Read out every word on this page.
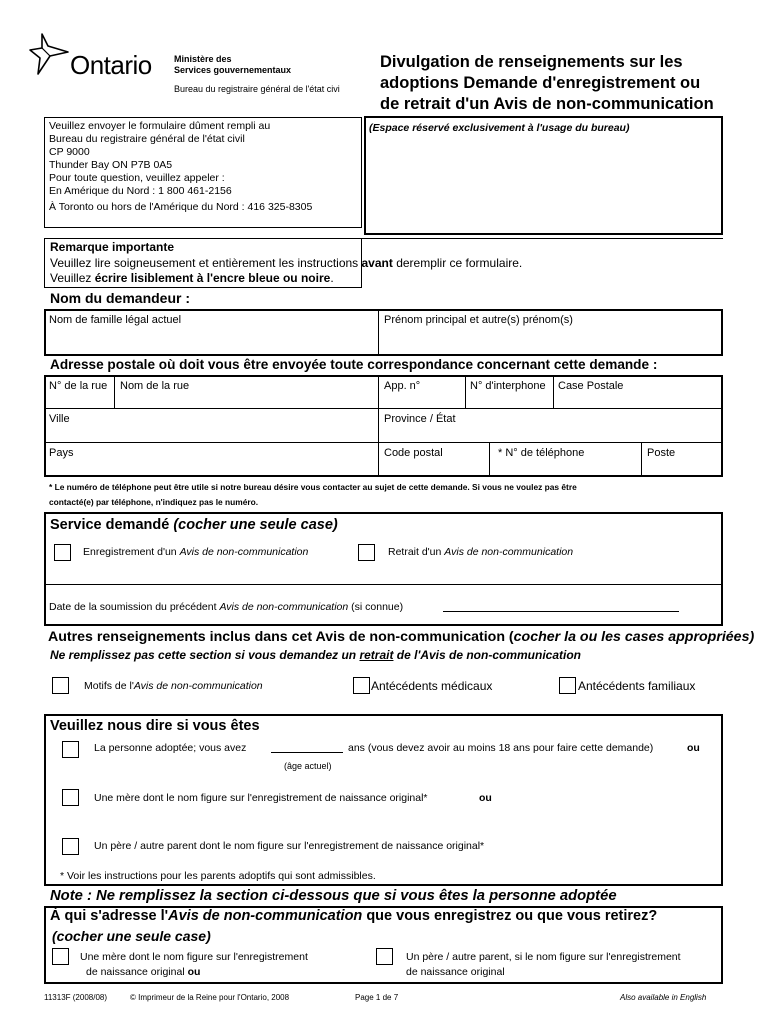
Ontario Ministère des
Services gouvernementaux
Bureau du registraire général de l'état civi
Divulgation de renseignements sur les
adoptions Demande d'enregistrement ou
de retrait d'un Avis de non-communication
Veuillez envoyer le formulaire dûment rempli au
Bureau du registraire général de l'état civil
CP 9000
Thunder Bay ON P7B 0A5
Pour toute question, veuillez appeler :
En Amérique du Nord : 1 800 461-2156
À Toronto ou hors de l'Amérique du Nord : 416 325-8305
(Espace réservé exclusivement à l'usage du bureau)
Remarque importante
Veuillez lire soigneusement et entièrement les instructions avant deremplir ce formulaire.
Veuillez écrire lisiblement à l'encre bleue ou noire.
Nom du demandeur :
Nom de famille légal actuel	Prénom principal et autre(s) prénom(s)
Adresse postale où doit vous être envoyée toute correspondance concernant cette demande :
N° de la rue Nom de la rue	App. n°	N° d'interphone Case Postale
Ville	Province / État
Pays	Code postal	* N° de téléphone	Poste
* Le numéro de téléphone peut être utile si notre bureau désire vous contacter au sujet de cette demande. Si vous ne voulez pas être
contacté(e) par téléphone, n'indiquez pas le numéro.
Service demandé (cocher une seule case)
Enregistrement d'un Avis de non-communication	Retrait d'un Avis de non-communication
Date de la soumission du précédent Avis de non-communication (si connue)
Autres renseignements inclus dans cet Avis de non-communication (cocher la ou les cases appropriées)
Ne remplissez pas cette section si vous demandez un retrait de l'Avis de non-communication
Motifs de l'Avis de non-communication	Antécédents médicaux	Antécédents familiaux
Veuillez nous dire si vous êtes
La personne adoptée; vous avez	ans (vous devez avoir au moins 18 ans pour faire cette demande)	ou
(âge actuel)
Une mère dont le nom figure sur l'enregistrement de naissance original*	ou
Un père / autre parent dont le nom figure sur l'enregistrement de naissance original*
* Voir les instructions pour les parents adoptifs qui sont admissibles.
Note : Ne remplissez la section ci-dessous que si vous êtes la personne adoptée
À qui s'adresse l'Avis de non-communication que vous enregistrez ou que vous retirez?
(cocher une seule case)
Une mère dont le nom figure sur l'enregistrement
de naissance original ou
Un père / autre parent, si le nom figure sur l'enregistrement
de naissance original
11313F (2008/08)	© Imprimeur de la Reine pour l'Ontario, 2008	Page 1 de 7	Also available in English
